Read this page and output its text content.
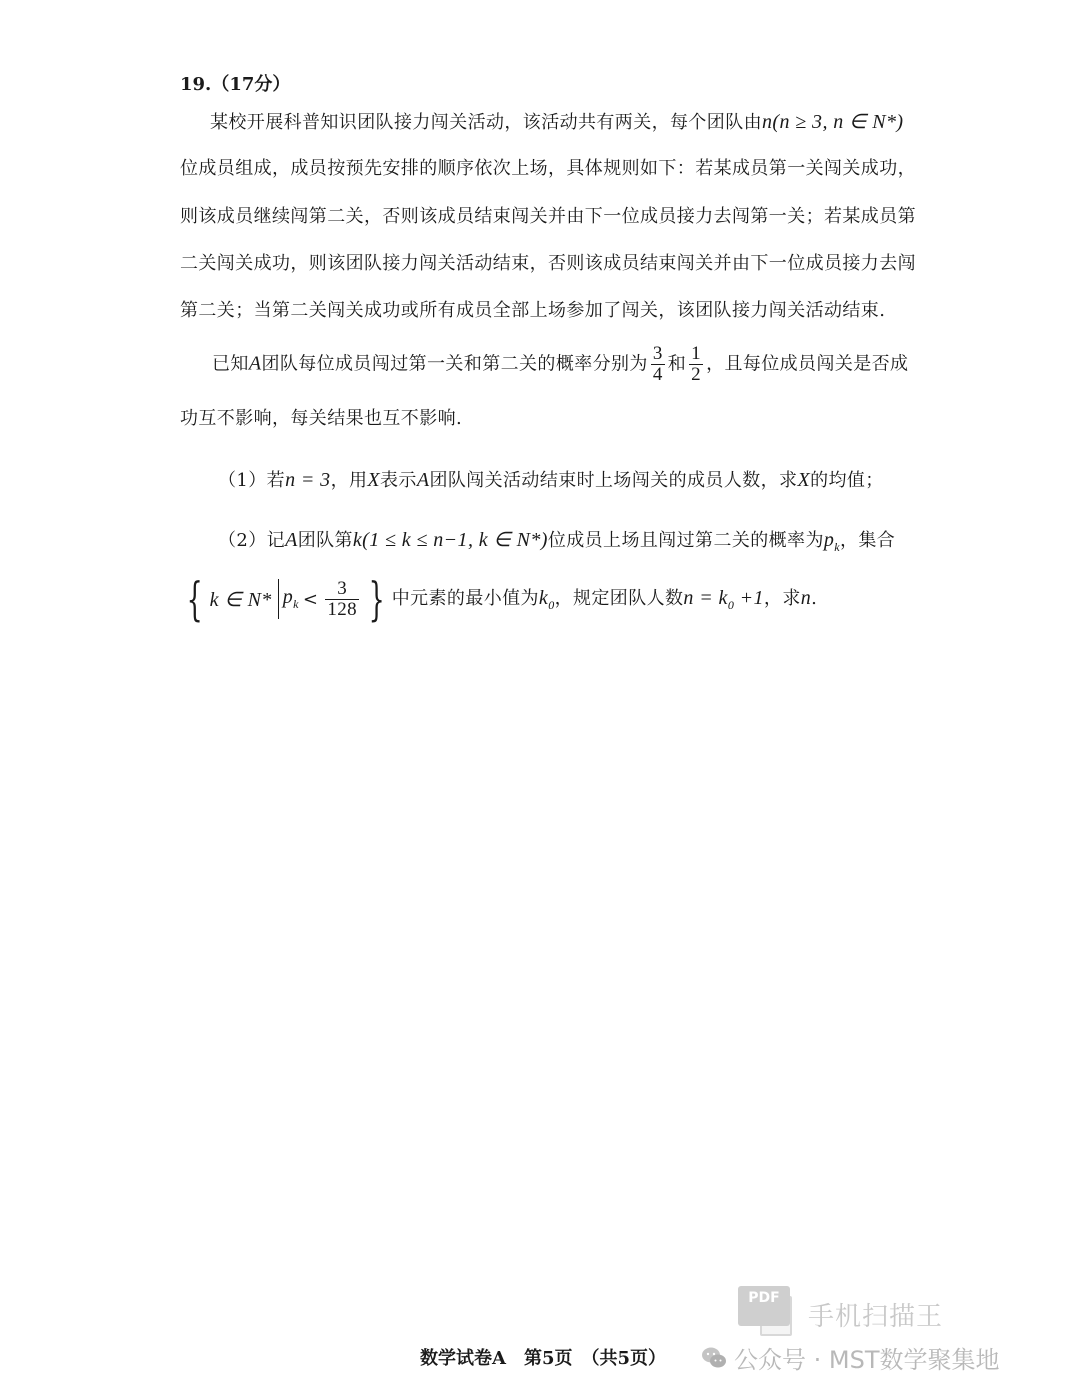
19.（17分）
某校开展科普知识团队接力闯关活动，该活动共有两关，每个团队由n(n ≥ 3, n ∈ N*)
位成员组成，成员按预先安排的顺序依次上场，具体规则如下：若某成员第一关闯关成功，
则该成员继续闯第二关，否则该成员结束闯关并由下一位成员接力去闯第一关；若某成员第
二关闯关成功，则该团队接力闯关活动结束，否则该成员结束闯关并由下一位成员接力去闯
第二关；当第二关闯关成功或所有成员全部上场参加了闯关，该团队接力闯关活动结束.
已知A团队每位成员闯过第一关和第二关的概率分别为 $\frac{3}{4}$ 和 $\frac{1}{2}$ ，且每位成员闯关是否成
功互不影响，每关结果也互不影响.
（1）若n = 3，用X表示A团队闯关活动结束时上场闯关的成员人数，求X的均值；
（2）记A团队第k(1 ≤ k ≤ n−1, k ∈ N*)位成员上场且闯过第二关的概率为$p_k$，集合
{ k ∈ N* $p_k < \frac{3}{128}$ } 中元素的最小值为$k_0$，规定团队人数$n = k_0 +1$，求n.
PDF
手机扫描王
数学试卷A　第5页　（共5页）	公众号 · MST数学聚集地
